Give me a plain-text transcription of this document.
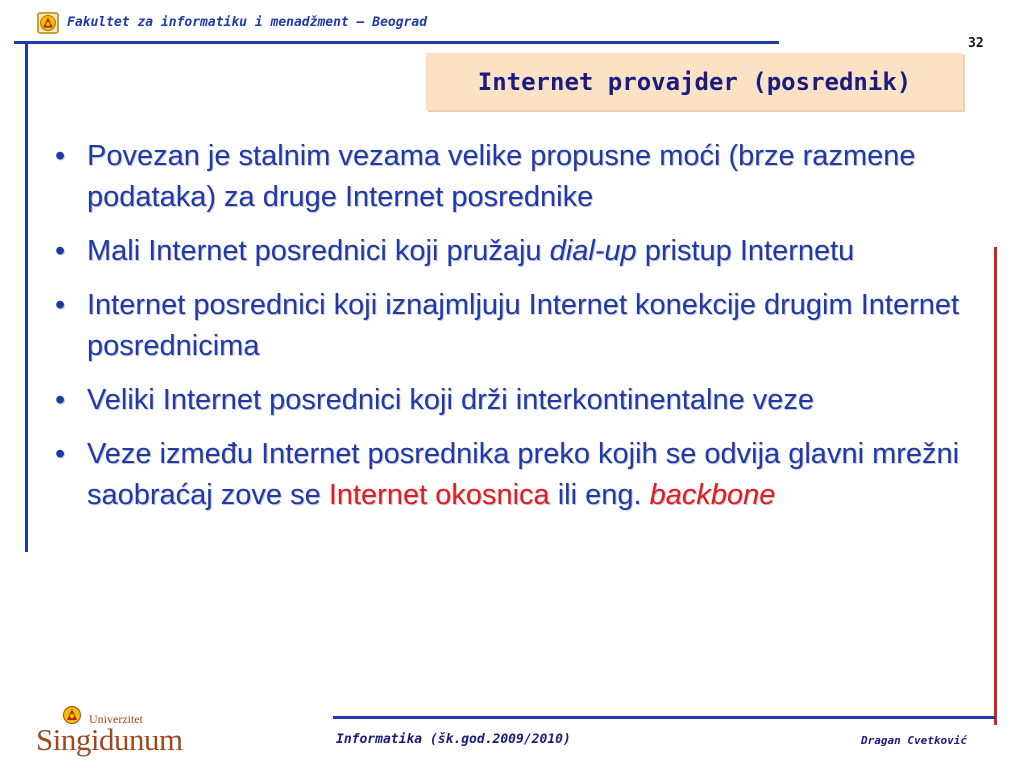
Fakultet za informatiku i menadžment – Beograd
32
Internet provajder (posrednik)
• Povezan je stalnim vezama velike propusne moći (brze razmene podataka) za druge Internet posrednike
• Mali Internet posrednici koji pružaju dial-up pristup Internetu
• Internet posrednici koji iznajmljuju Internet konekcije drugim Internet posrednicima
• Veliki Internet posrednici koji drži interkontinentalne veze
• Veze između Internet posrednika preko kojih se odvija glavni mrežni saobraćaj zove se Internet okosnica ili eng. backbone
Univerzitet
Singidunum	Informatika (šk.god.2009/2010)	Dragan Cvetković
